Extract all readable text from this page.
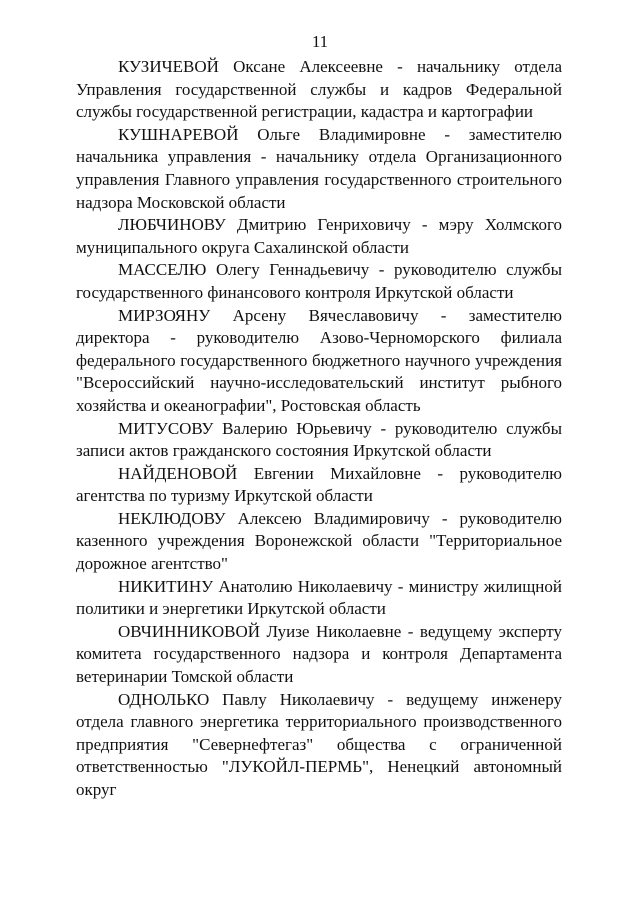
11

КУЗИЧЕВОЙ Оксане Алексеевне - начальнику отдела Управления государственной службы и кадров Федеральной службы государственной регистрации, кадастра и картографии

КУШНАРЕВОЙ Ольге Владимировне - заместителю начальника управления - начальнику отдела Организационного управления Главного управления государственного строительного надзора Московской области

ЛЮБЧИНОВУ Дмитрию Генриховичу - мэру Холмского муниципального округа Сахалинской области

МАССЕЛЮ Олегу Геннадьевичу - руководителю службы государственного финансового контроля Иркутской области

МИРЗОЯНУ Арсену Вячеславовичу - заместителю директора - руководителю Азово-Черноморского филиала федерального государственного бюджетного научного учреждения "Всероссийский научно-исследовательский институт рыбного хозяйства и океанографии", Ростовская область

МИТУСОВУ Валерию Юрьевичу - руководителю службы записи актов гражданского состояния Иркутской области

НАЙДЕНОВОЙ Евгении Михайловне - руководителю агентства по туризму Иркутской области

НЕКЛЮДОВУ Алексею Владимировичу - руководителю казенного учреждения Воронежской области "Территориальное дорожное агентство"

НИКИТИНУ Анатолию Николаевичу - министру жилищной политики и энергетики Иркутской области

ОВЧИННИКОВОЙ Луизе Николаевне - ведущему эксперту комитета государственного надзора и контроля Департамента ветеринарии Томской области

ОДНОЛЬКО Павлу Николаевичу - ведущему инженеру отдела главного энергетика территориального производственного предприятия "Севернефтегаз" общества с ограниченной ответственностью "ЛУКОЙЛ-ПЕРМЬ", Ненецкий автономный округ
